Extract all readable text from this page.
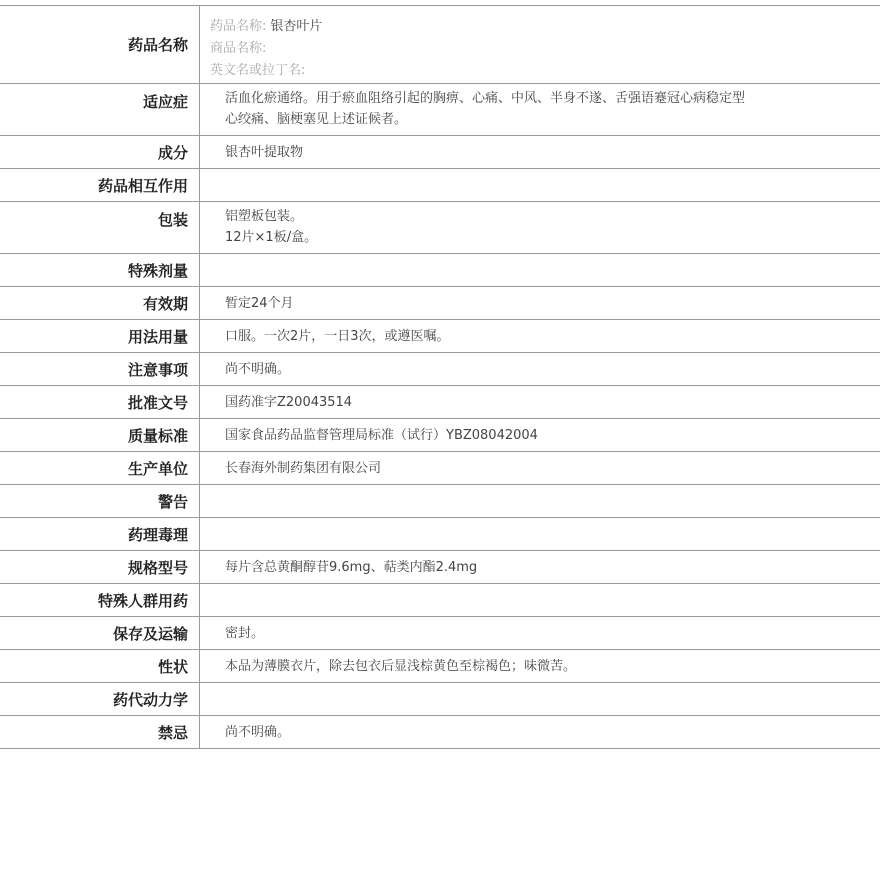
药品名称
药品名称: 银杏叶片
商品名称:
英文名或拉丁名:
适应症	活血化瘀通络。用于瘀血阻络引起的胸痹、心痛、中风、半身不遂、舌强语蹇冠心病稳定型
心绞痛、脑梗塞见上述证候者。
成分	银杏叶提取物
药品相互作用
包装	铝塑板包装。
12片×1板/盒。
特殊剂量
有效期	暂定24个月
用法用量	口服。一次2片，一日3次，或遵医嘱。
注意事项	尚不明确。
批准文号	国药准字Z20043514
质量标准	国家食品药品监督管理局标准（试行）YBZ08042004
生产单位	长春海外制药集团有限公司
警告
药理毒理
规格型号	每片含总黄酮醇苷9.6mg、萜类内酯2.4mg
特殊人群用药
保存及运输	密封。
性状	本品为薄膜衣片，除去包衣后显浅棕黄色至棕褐色；味微苦。
药代动力学
禁忌	尚不明确。
